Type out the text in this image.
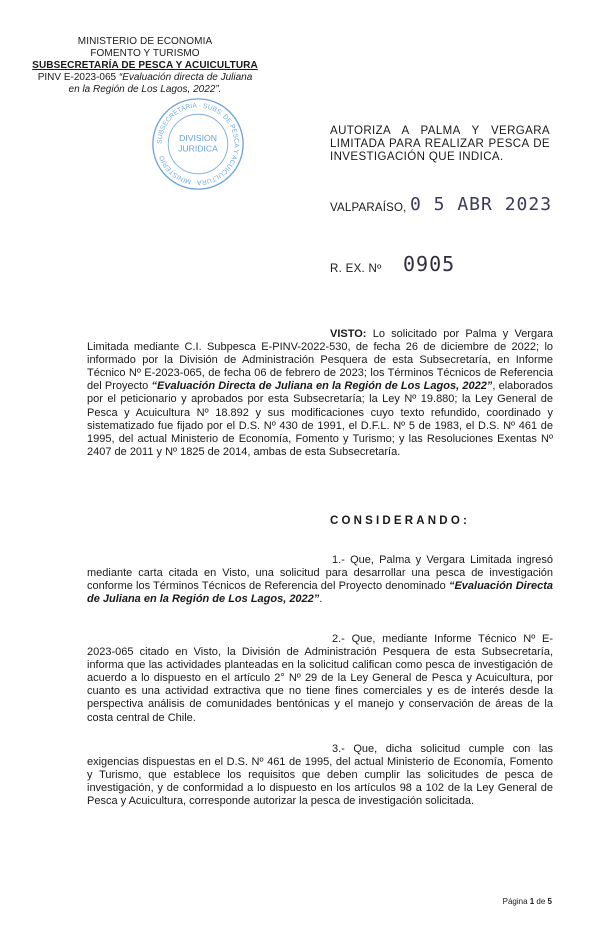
MINISTERIO DE ECONOMIA
FOMENTO Y TURISMO
SUBSECRETARÍA DE PESCA Y ACUICULTURA
PINV E-2023-065 “Evaluación directa de Juliana
en la Región de Los Lagos, 2022”.
SUBSECRETARIA · SUBS. DE PESCA Y ACUICULTURA · MINISTERIO
DIVISION
JURIDICA
AUTORIZA A PALMA Y VERGARA LIMITADA PARA REALIZAR PESCA DE INVESTIGACIÓN QUE INDICA.
VALPARAÍSO, 0 5 ABR 2023
R. EX. Nº 0905
VISTO: Lo solicitado por Palma y Vergara Limitada mediante C.I. Subpesca E-PINV-2022-530, de fecha 26 de diciembre de 2022; lo informado por la División de Administración Pesquera de esta Subsecretaría, en Informe Técnico Nº E-2023-065, de fecha 06 de febrero de 2023; los Términos Técnicos de Referencia del Proyecto “Evaluación Directa de Juliana en la Región de Los Lagos, 2022”, elaborados por el peticionario y aprobados por esta Subsecretaría; la Ley Nº 19.880; la Ley General de Pesca y Acuicultura Nº 18.892 y sus modificaciones cuyo texto refundido, coordinado y sistematizado fue fijado por el D.S. Nº 430 de 1991, el D.F.L. Nº 5 de 1983, el D.S. Nº 461 de 1995, del actual Ministerio de Economía, Fomento y Turismo; y las Resoluciones Exentas Nº 2407 de 2011 y Nº 1825 de 2014, ambas de esta Subsecretaría.
CONSIDERANDO:
1.- Que, Palma y Vergara Limitada ingresó mediante carta citada en Visto, una solicitud para desarrollar una pesca de investigación conforme los Términos Técnicos de Referencia del Proyecto denominado “Evaluación Directa de Juliana en la Región de Los Lagos, 2022”.
2.- Que, mediante Informe Técnico Nº E-2023-065 citado en Visto, la División de Administración Pesquera de esta Subsecretaría, informa que las actividades planteadas en la solicitud califican como pesca de investigación de acuerdo a lo dispuesto en el artículo 2° Nº 29 de la Ley General de Pesca y Acuicultura, por cuanto es una actividad extractiva que no tiene fines comerciales y es de interés desde la perspectiva análisis de comunidades bentónicas y el manejo y conservación de áreas de la costa central de Chile.
3.- Que, dicha solicitud cumple con las exigencias dispuestas en el D.S. Nº 461 de 1995, del actual Ministerio de Economía, Fomento y Turismo, que establece los requisitos que deben cumplir las solicitudes de pesca de investigación, y de conformidad a lo dispuesto en los artículos 98 a 102 de la Ley General de Pesca y Acuicultura, corresponde autorizar la pesca de investigación solicitada.
Página 1 de 5
